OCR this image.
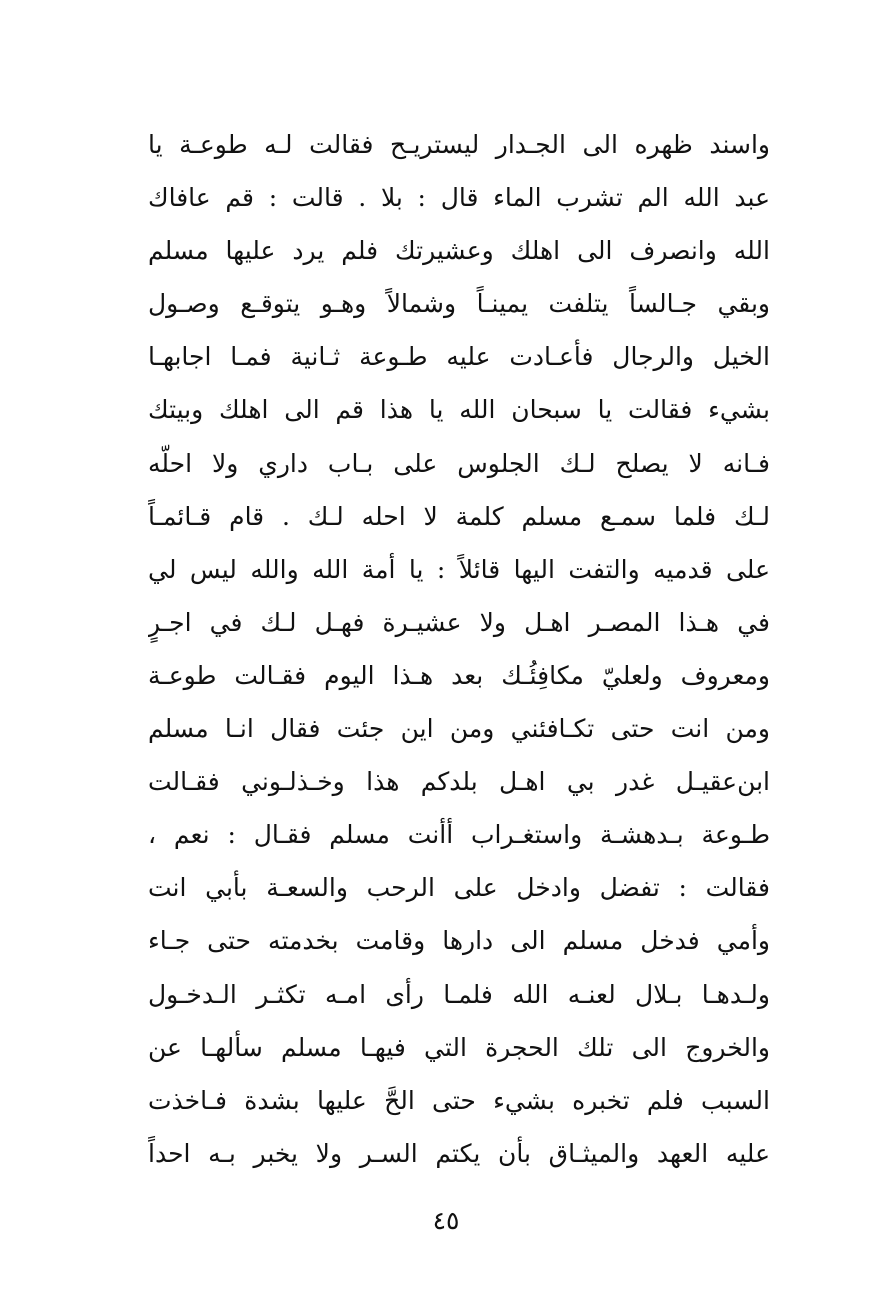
واسند ظهره الى الجـدار ليستريـح فقالت لـه طوعـة يا
عبد الله الم تشرب الماء قال : بلا . قالت : قم عافاك
الله وانصرف الى اهلك وعشيرتك فلم يرد عليها مسلم
وبقي جـالساً يتلفت يمينـاً وشمالاً وهـو يتوقـع وصـول
الخيل والرجال فأعـادت عليه طـوعة ثـانية فمـا اجابهـا
بشيء فقالت يا سبحان الله يا هذا قم الى اهلك وبيتك
فـانه لا يصلح لـك الجلوس على بـاب داري ولا احلّه
لـك فلما سمـع مسلم كلمة لا احله لـك . قام قـائمـاً
على قدميه والتفت اليها قائلاً : يا أمة الله والله ليس لي
في هـذا المصـر اهـل ولا عشيـرة فهـل لـك في اجـرٍ
ومعروف ولعليّ مكافِئُـك بعد هـذا اليوم فقـالت طوعـة
ومن انت حتى تكـافئني ومن اين جئت فقال انـا مسلم
ابن‌عقيـل غدر بي اهـل بلدكم هذا وخـذلـوني فقـالت
طـوعة بـدهشـة واستغـراب أأنت مسلم فقـال : نعم ،
فقالت : تفضل وادخل على الرحب والسعـة بأبي انت
وأمي فدخل مسلم الى دارها وقامت بخدمته حتى جـاء
ولـدهـا بـلال لعنـه الله فلمـا رأى امـه تكثـر الـدخـول
والخروج الى تلك الحجرة التي فيهـا مسلم سألهـا عن
السبب فلم تخبره بشيء حتى الحَّ عليها بشدة فـاخذت
عليه العهد والميثـاق بأن يكتم السـر ولا يخبر بـه احداً
٤٥
